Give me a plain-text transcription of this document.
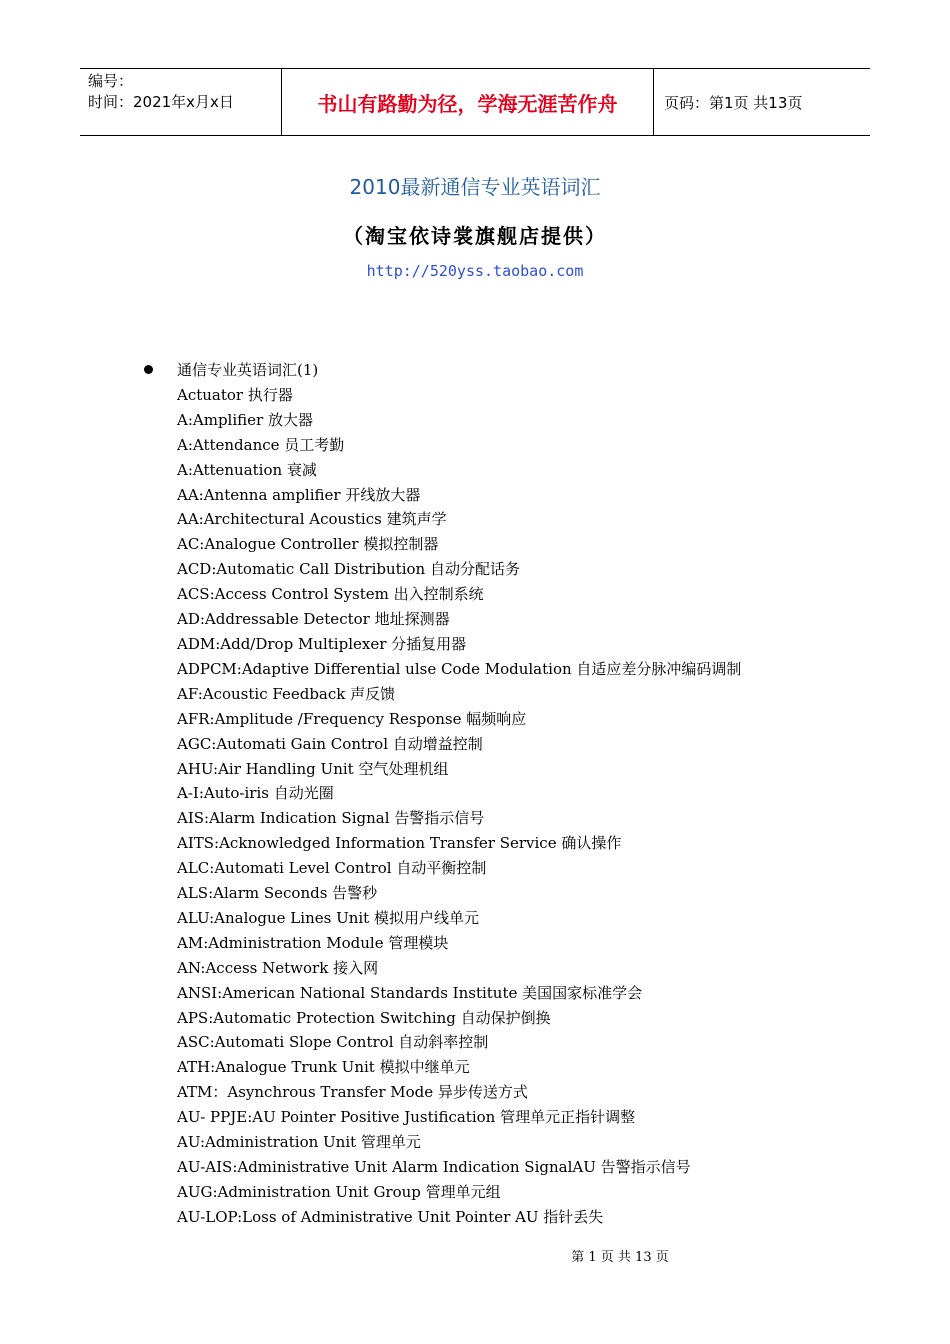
编号：
时间：2021年x月x日	书山有路勤为径，学海无涯苦作舟	页码：第1页 共13页
2010最新通信专业英语词汇
（淘宝依诗裳旗舰店提供）
http://520yss.taobao.com
通信专业英语词汇(1)
Actuator 执行器
A:Amplifier 放大器
A:Attendance 员工考勤
A:Attenuation 衰减
AA:Antenna amplifier 开线放大器
AA:Architectural Acoustics 建筑声学
AC:Analogue Controller 模拟控制器
ACD:Automatic Call Distribution 自动分配话务
ACS:Access Control System 出入控制系统
AD:Addressable Detector 地址探测器
ADM:Add/Drop Multiplexer 分插复用器
ADPCM:Adaptive Differential ulse Code Modulation 自适应差分脉冲编码调制
AF:Acoustic Feedback 声反馈
AFR:Amplitude /Frequency Response 幅频响应
AGC:Automati Gain Control 自动增益控制
AHU:Air Handling Unit 空气处理机组
A-I:Auto-iris 自动光圈
AIS:Alarm Indication Signal 告警指示信号
AITS:Acknowledged Information Transfer Service 确认操作
ALC:Automati Level Control 自动平衡控制
ALS:Alarm Seconds 告警秒
ALU:Analogue Lines Unit 模拟用户线单元
AM:Administration Module 管理模块
AN:Access Network 接入网
ANSI:American National Standards Institute 美国国家标准学会
APS:Automatic Protection Switching 自动保护倒换
ASC:Automati Slope Control 自动斜率控制
ATH:Analogue Trunk Unit 模拟中继单元
ATM：Asynchrous Transfer Mode 异步传送方式
AU- PPJE:AU Pointer Positive Justification 管理单元正指针调整
AU:Administration Unit 管理单元
AU-AIS:Administrative Unit Alarm Indication SignalAU 告警指示信号
AUG:Administration Unit Group 管理单元组
AU-LOP:Loss of Administrative Unit Pointer AU 指针丢失
第 1 页 共 13 页
